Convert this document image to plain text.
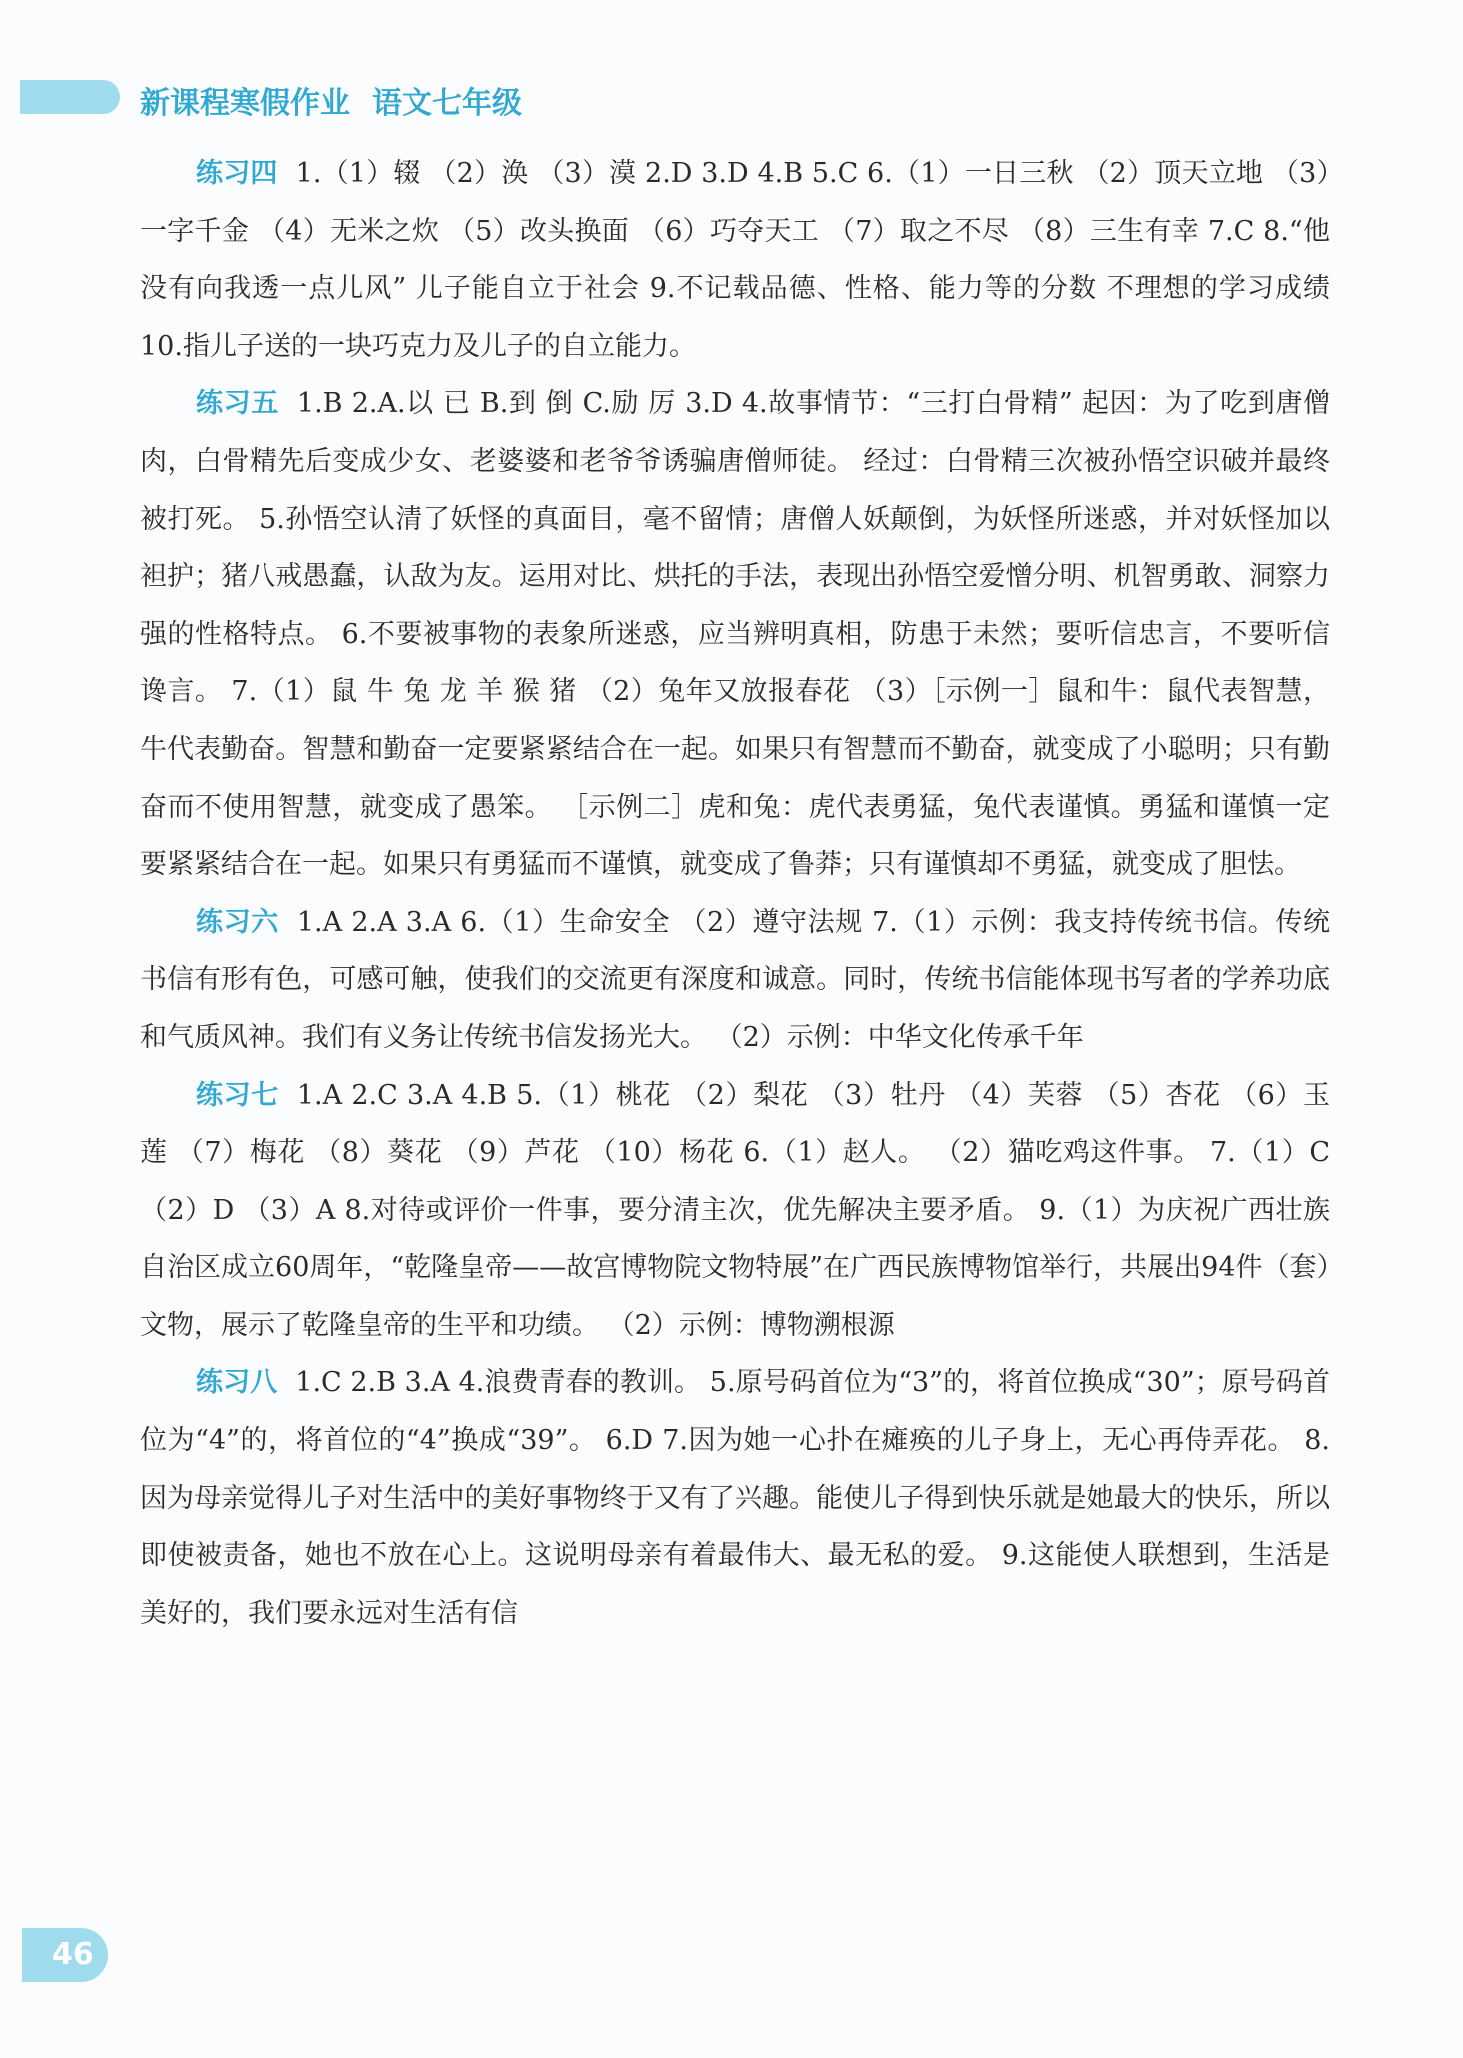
新课程寒假作业 语文七年级

练习四 1.（1）辍 （2）涣 （3）漠 2.D 3.D 4.B 5.C 6.（1）一日三秋 （2）顶天立地 （3）一字千金 （4）无米之炊 （5）改头换面 （6）巧夺天工 （7）取之不尽 （8）三生有幸 7.C 8.“他没有向我透一点儿风” 儿子能自立于社会 9.不记载品德、性格、能力等的分数 不理想的学习成绩 10.指儿子送的一块巧克力及儿子的自立能力。

练习五 1.B 2.A.以 已 B.到 倒 C.励 厉 3.D 4.故事情节：“三打白骨精” 起因：为了吃到唐僧肉，白骨精先后变成少女、老婆婆和老爷爷诱骗唐僧师徒。 经过：白骨精三次被孙悟空识破并最终被打死。 5.孙悟空认清了妖怪的真面目，毫不留情；唐僧人妖颠倒，为妖怪所迷惑，并对妖怪加以袒护；猪八戒愚蠢，认敌为友。运用对比、烘托的手法，表现出孙悟空爱憎分明、机智勇敢、洞察力强的性格特点。 6.不要被事物的表象所迷惑，应当辨明真相，防患于未然；要听信忠言，不要听信谗言。 7.（1）鼠 牛 兔 龙 羊 猴 猪 （2）兔年又放报春花 （3）［示例一］鼠和牛：鼠代表智慧，牛代表勤奋。智慧和勤奋一定要紧紧结合在一起。如果只有智慧而不勤奋，就变成了小聪明；只有勤奋而不使用智慧，就变成了愚笨。 ［示例二］虎和兔：虎代表勇猛，兔代表谨慎。勇猛和谨慎一定要紧紧结合在一起。如果只有勇猛而不谨慎，就变成了鲁莽；只有谨慎却不勇猛，就变成了胆怯。

练习六 1.A 2.A 3.A 6.（1）生命安全 （2）遵守法规 7.（1）示例：我支持传统书信。传统书信有形有色，可感可触，使我们的交流更有深度和诚意。同时，传统书信能体现书写者的学养功底和气质风神。我们有义务让传统书信发扬光大。 （2）示例：中华文化传承千年

练习七 1.A 2.C 3.A 4.B 5.（1）桃花 （2）梨花 （3）牡丹 （4）芙蓉 （5）杏花 （6）玉莲 （7）梅花 （8）葵花 （9）芦花 （10）杨花 6.（1）赵人。 （2）猫吃鸡这件事。 7.（1）C （2）D （3）A 8.对待或评价一件事，要分清主次，优先解决主要矛盾。 9.（1）为庆祝广西壮族自治区成立60周年，“乾隆皇帝——故宫博物院文物特展”在广西民族博物馆举行，共展出94件（套）文物，展示了乾隆皇帝的生平和功绩。 （2）示例：博物溯根源

练习八 1.C 2.B 3.A 4.浪费青春的教训。 5.原号码首位为“3”的，将首位换成“30”；原号码首位为“4”的，将首位的“4”换成“39”。 6.D 7.因为她一心扑在瘫痪的儿子身上，无心再侍弄花。 8.因为母亲觉得儿子对生活中的美好事物终于又有了兴趣。能使儿子得到快乐就是她最大的快乐，所以即使被责备，她也不放在心上。这说明母亲有着最伟大、最无私的爱。 9.这能使人联想到，生活是美好的，我们要永远对生活有信

46
